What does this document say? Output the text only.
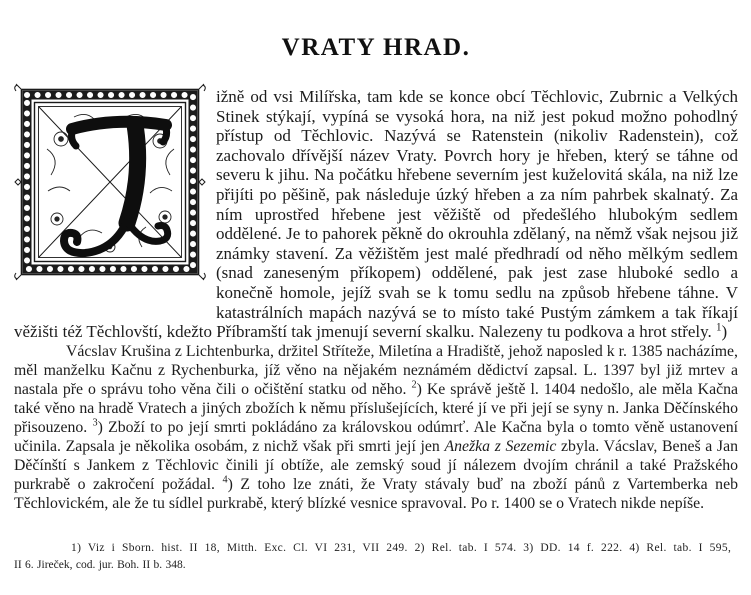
VRATY HRAD.

ižně od vsi Milířska, tam kde se konce obcí Těchlovic, Zubrnic a Velkých Stinek stýkají, vypíná se vysoká hora, na niž jest pokud možno pohodlný přístup od Těchlovic. Nazývá se Ratenstein (nikoliv Radenstein), což zachovalo dřívější název Vraty. Povrch hory je hřeben, který se táhne od severu k jihu. Na počátku hřebene severním jest kuželovitá skála, na niž lze přijíti po pěšině, pak následuje úzký hřeben a za ním pahrbek skalnatý. Za ním uprostřed hřebene jest věžiště od předešlého hlubokým sedlem oddělené. Je to pahorek pěkně do okrouhla zdělaný, na němž však nejsou již známky stavení. Za věžištěm jest malé předhradí od něho mělkým sedlem (snad zaneseným příkopem) oddělené, pak jest zase hluboké sedlo a konečně homole, jejíž svah se k tomu sedlu na způsob hřebene táhne. V katastrálních mapách nazývá se to místo také Pustým zámkem a tak říkají věžišti též Těchlovští, kdežto Příbramští tak jmenují severní skalku. Nalezeny tu podkova a hrot střely. $^1$)

Vácslav Krušina z Lichtenburka, držitel Stříteže, Miletína a Hradiště, jehož naposled k r. 1385 nacházíme, měl manželku Kačnu z Rychenburka, jíž věno na nějakém neznámém dědictví zapsal. L. 1397 byl již mrtev a nastala pře o správu toho věna čili o očištění statku od něho. $^2$) Ke správě ještě l. 1404 nedošlo, ale měla Kačna také věno na hradě Vratech a jiných zbožích k němu příslušejících, které jí ve při její se syny n. Janka Děčínského přisouzeno. $^3$) Zboží to po její smrti pokládáno za královskou odúmrť. Ale Kačna byla o tomto věně ustanovení učinila. Zapsala je několika osobám, z nichž však při smrti její jen Anežka z Sezemic zbyla. Vácslav, Beneš a Jan Děčínští s Jankem z Těchlovic činili jí obtíže, ale zemský soud jí nálezem dvojím chránil a také Pražského purkrabě o zakročení požádal. $^4$) Z toho lze znáti, že Vraty stávaly buď na zboží pánů z Vartemberka neb Těchlovickém, ale že tu sídlel purkrabě, který blízké vesnice spravoval. Po r. 1400 se o Vratech nikde nepíše.

1) Viz i Sborn. hist. II 18, Mitth. Exc. Cl. VI 231, VII 249. 2) Rel. tab. I 574. 3) DD. 14 f. 222. 4) Rel. tab. I 595,

II 6. Jireček, cod. jur. Boh. II b. 348.
